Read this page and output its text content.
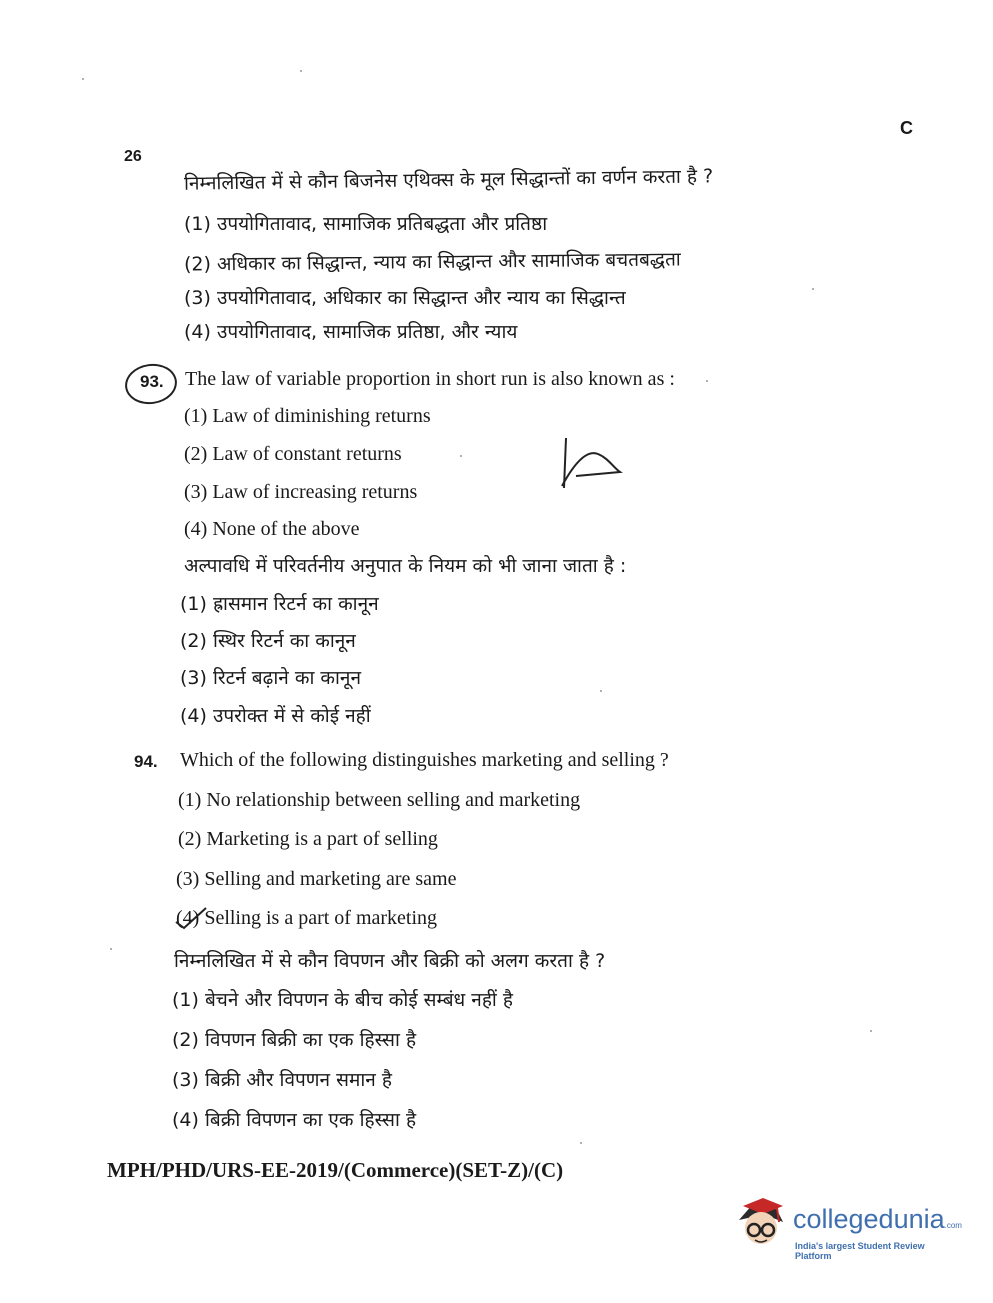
26
C
निम्नलिखित में से कौन बिजनेस एथिक्स के मूल सिद्धान्तों का वर्णन करता है ?
(1) उपयोगितावाद, सामाजिक प्रतिबद्धता और प्रतिष्ठा
(2) अधिकार का सिद्धान्त, न्याय का सिद्धान्त और सामाजिक बचतबद्धता
(3) उपयोगितावाद, अधिकार का सिद्धान्त और न्याय का सिद्धान्त
(4) उपयोगितावाद, सामाजिक प्रतिष्ठा, और न्याय
93. The law of variable proportion in short run is also known as :
(1) Law of diminishing returns
(2) Law of constant returns
(3) Law of increasing returns
(4) None of the above
अल्पावधि में परिवर्तनीय अनुपात के नियम को भी जाना जाता है :
(1) ह्रासमान रिटर्न का कानून
(2) स्थिर रिटर्न का कानून
(3) रिटर्न बढ़ाने का कानून
(4) उपरोक्त में से कोई नहीं
94. Which of the following distinguishes marketing and selling ?
(1) No relationship between selling and marketing
(2) Marketing is a part of selling
(3) Selling and marketing are same
(4) Selling is a part of marketing
निम्नलिखित में से कौन विपणन और बिक्री को अलग करता है ?
(1) बेचने और विपणन के बीच कोई सम्बंध नहीं है
(2) विपणन बिक्री का एक हिस्सा है
(3) बिक्री और विपणन समान है
(4) बिक्री विपणन का एक हिस्सा है
MPH/PHD/URS-EE-2019/(Commerce)(SET-Z)/(C)
collegedunia.com
India's largest Student Review Platform
